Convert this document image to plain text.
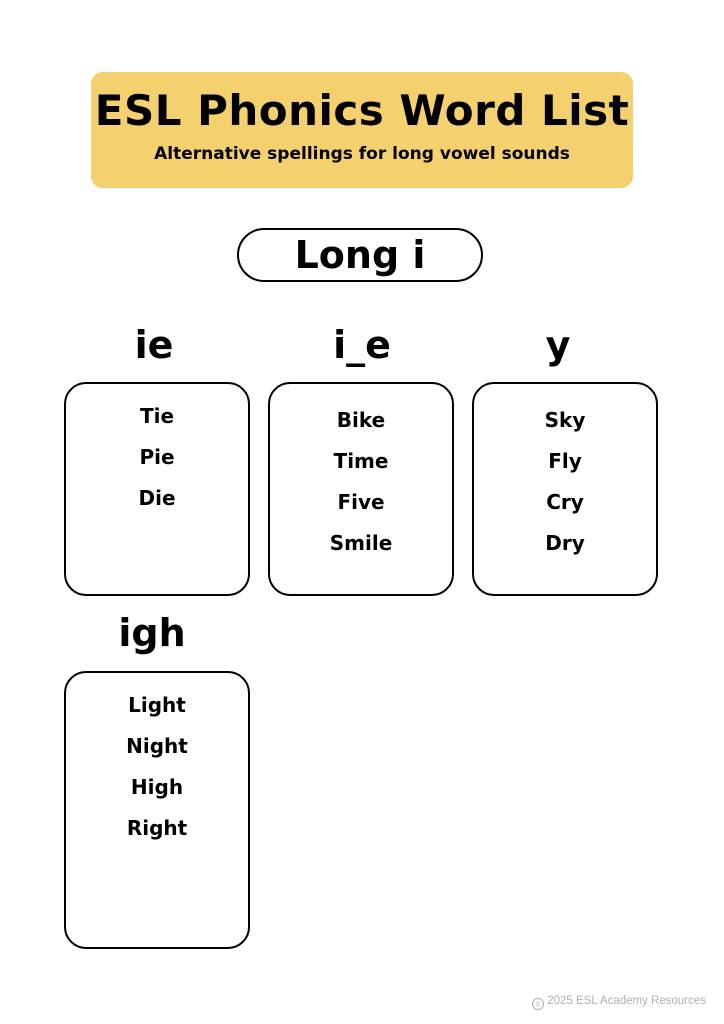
ESL Phonics Word List
Alternative spellings for long vowel sounds
Long i
ie
Tie
Pie
Die
i_e
Bike
Time
Five
Smile
y
Sky
Fly
Cry
Dry
igh
Light
Night
High
Right
c 2025 ESL Academy Resources
